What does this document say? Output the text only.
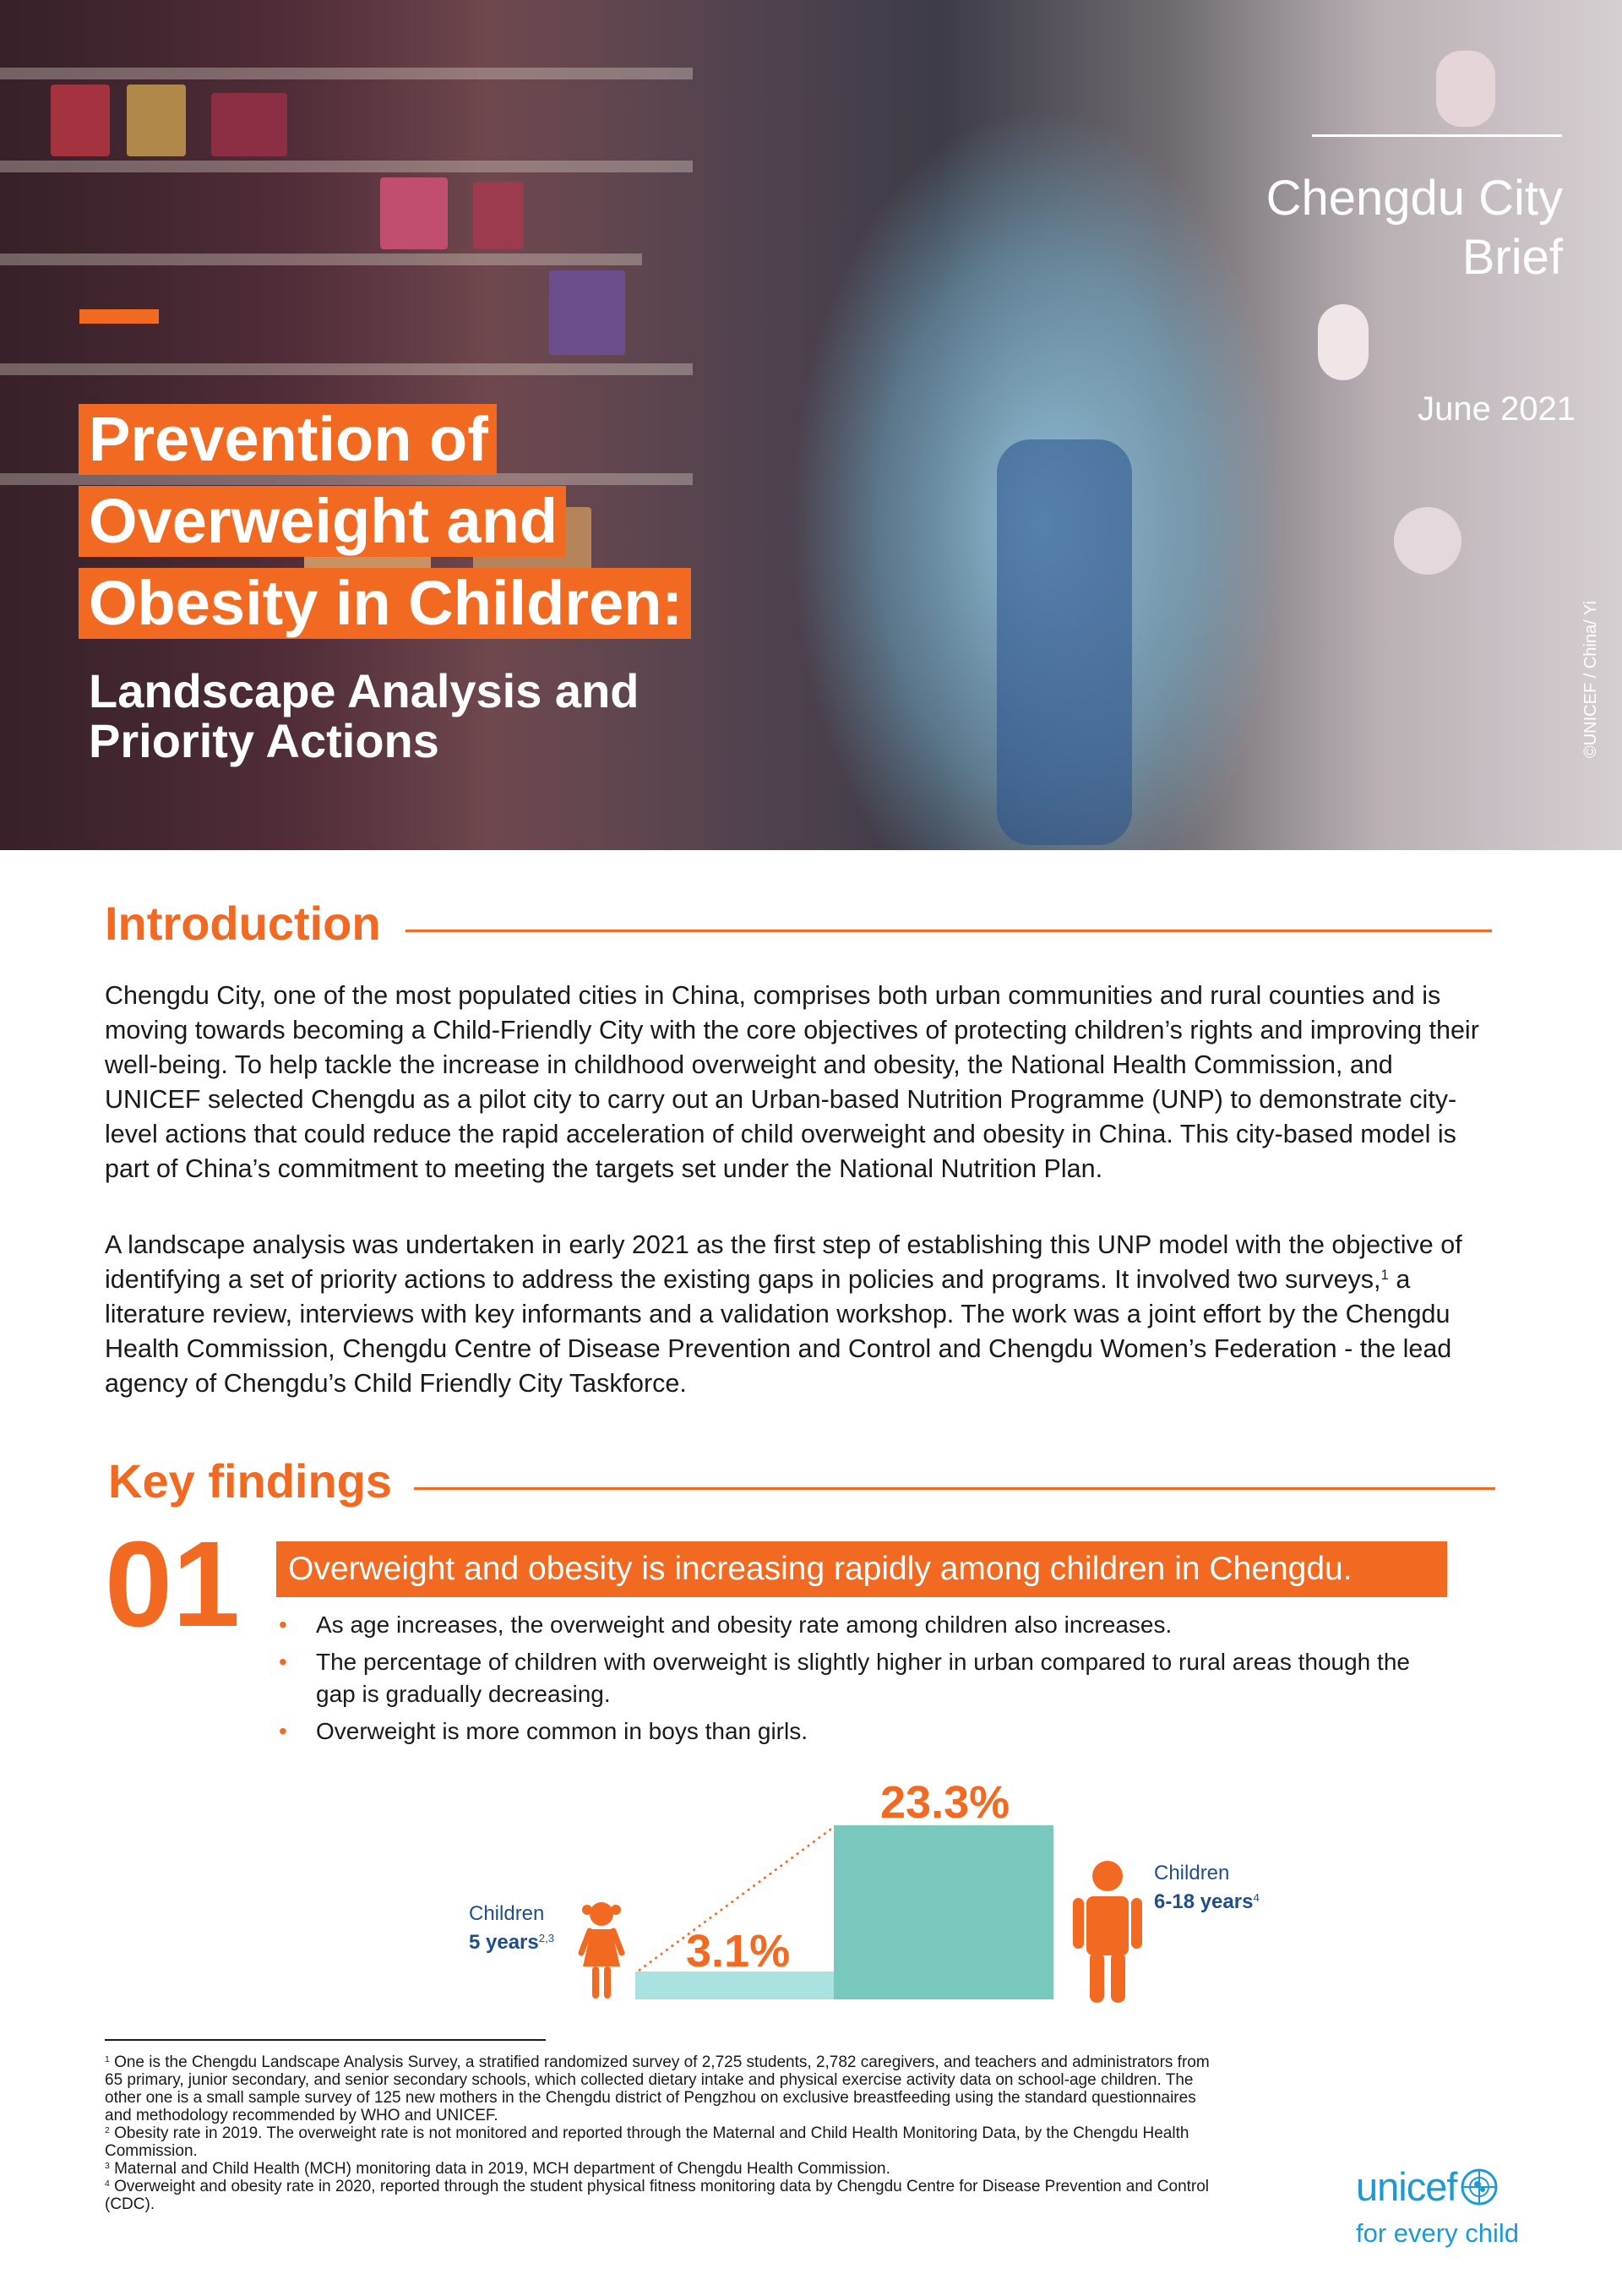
Chengdu City
Brief
June 2021
Prevention of
Overweight and
Obesity in Children:
Landscape Analysis and Priority Actions	©UNICEF / China/ Yi
Introduction
Chengdu City, one of the most populated cities in China, comprises both urban communities and rural counties and is moving towards becoming a Child-Friendly City with the core objectives of protecting children’s rights and improving their well-being. To help tackle the increase in childhood overweight and obesity, the National Health Commission, and UNICEF selected Chengdu as a pilot city to carry out an Urban-based Nutrition Programme (UNP) to demonstrate city-level actions that could reduce the rapid acceleration of child overweight and obesity in China. This city-based model is part of China’s commitment to meeting the targets set under the National Nutrition Plan.
A landscape analysis was undertaken in early 2021 as the first step of establishing this UNP model with the objective of identifying a set of priority actions to address the existing gaps in policies and programs. It involved two surveys,$^1$ a literature review, interviews with key informants and a validation workshop. The work was a joint effort by the Chengdu Health Commission, Chengdu Centre of Disease Prevention and Control and Chengdu Women’s Federation - the lead agency of Chengdu’s Child Friendly City Taskforce.
Key findings
01	Overweight and obesity is increasing rapidly among children in Chengdu.
• As age increases, the overweight and obesity rate among children also increases.
• The percentage of children with overweight is slightly higher in urban compared to rural areas though the gap is gradually decreasing.
• Overweight is more common in boys than girls.
Children
5 years$^{2,3}$	3.1%
23.3%
Children
6-18 years$^4$

$^1$ One is the Chengdu Landscape Analysis Survey, a stratified randomized survey of 2,725 students, 2,782 caregivers, and teachers and administrators from 65 primary, junior secondary, and senior secondary schools, which collected dietary intake and physical exercise activity data on school-age children. The other one is a small sample survey of 125 new mothers in the Chengdu district of Pengzhou on exclusive breastfeeding using the standard questionnaires and methodology recommended by WHO and UNICEF.

$^2$ Obesity rate in 2019. The overweight rate is not monitored and reported through the Maternal and Child Health Monitoring Data, by the Chengdu Health Commission.

$^3$ Maternal and Child Health (MCH) monitoring data in 2019, MCH department of Chengdu Health Commission.

$^4$ Overweight and obesity rate in 2020, reported through the student physical fitness monitoring data by Chengdu Centre for Disease Prevention and Control (CDC).	unicef
for every child
